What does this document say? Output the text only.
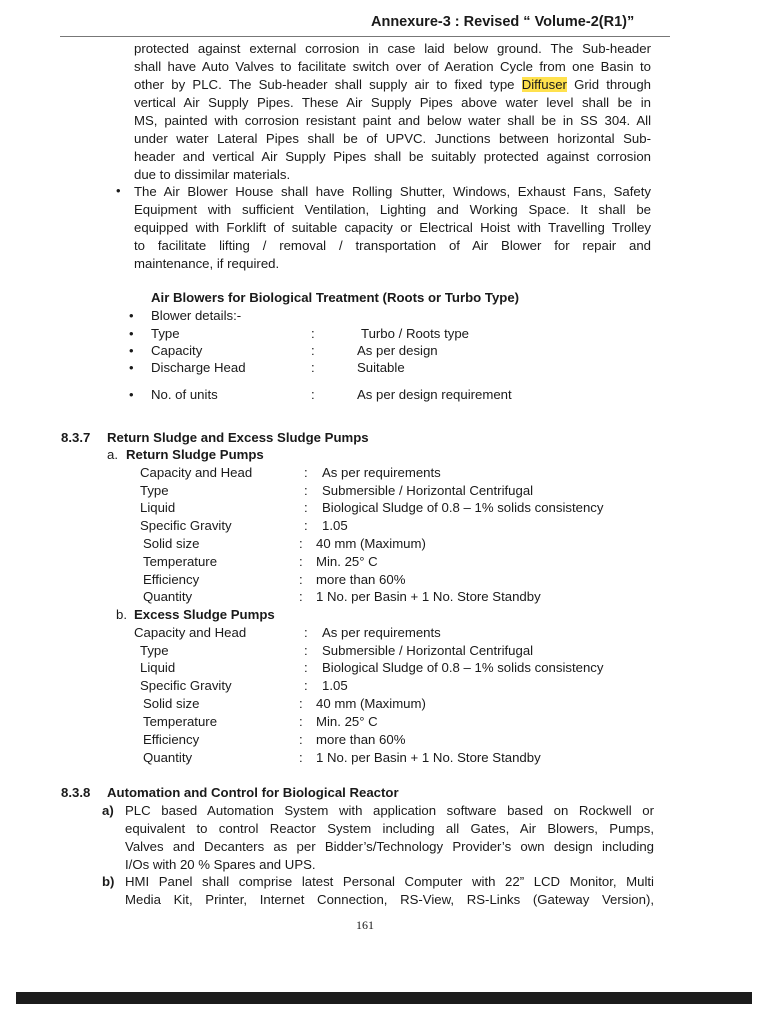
Annexure-3 : Revised “ Volume-2(R1)”
protected against external corrosion in case laid below ground. The Sub-header
shall have Auto Valves to facilitate switch over of Aeration Cycle from one Basin to
other by PLC. The Sub-header shall supply air to fixed type Diffuser Grid through
vertical Air Supply Pipes. These Air Supply Pipes above water level shall be in
MS, painted with corrosion resistant paint and below water shall be in SS 304. All
under water Lateral Pipes shall be of UPVC. Junctions between horizontal Sub-
header and vertical Air Supply Pipes shall be suitably protected against corrosion
due to dissimilar materials.
• The Air Blower House shall have Rolling Shutter, Windows, Exhaust Fans, Safety
Equipment with sufficient Ventilation, Lighting and Working Space. It shall be
equipped with Forklift of suitable capacity or Electrical Hoist with Travelling Trolley
to facilitate lifting / removal / transportation of Air Blower for repair and
maintenance, if required.
Air Blowers for Biological Treatment (Roots or Turbo Type)
• Blower details:-
• Type	:	Turbo / Roots type
• Capacity	:	As per design
• Discharge Head	:	Suitable
• No. of units	:	As per design requirement
8.3.7 Return Sludge and Excess Sludge Pumps
a. Return Sludge Pumps
Capacity and Head	: As per requirements
Type	: Submersible / Horizontal Centrifugal
Liquid	: Biological Sludge of 0.8 – 1% solids consistency
Specific Gravity	: 1.05
Solid size	: 40 mm (Maximum)
Temperature	: Min. 25° C
Efficiency	: more than 60%
Quantity	: 1 No. per Basin + 1 No. Store Standby
b. Excess Sludge Pumps
Capacity and Head	: As per requirements
Type	: Submersible / Horizontal Centrifugal
Liquid	: Biological Sludge of 0.8 – 1% solids consistency
Specific Gravity	: 1.05
Solid size	: 40 mm (Maximum)
Temperature	: Min. 25° C
Efficiency	: more than 60%
Quantity	: 1 No. per Basin + 1 No. Store Standby
8.3.8 Automation and Control for Biological Reactor
a) PLC based Automation System with application software based on Rockwell or
equivalent to control Reactor System including all Gates, Air Blowers, Pumps,
Valves and Decanters as per Bidder’s/Technology Provider’s own design including
I/Os with 20 % Spares and UPS.
b) HMI Panel shall comprise latest Personal Computer with 22” LCD Monitor, Multi
Media Kit, Printer, Internet Connection, RS-View, RS-Links (Gateway Version),
161
